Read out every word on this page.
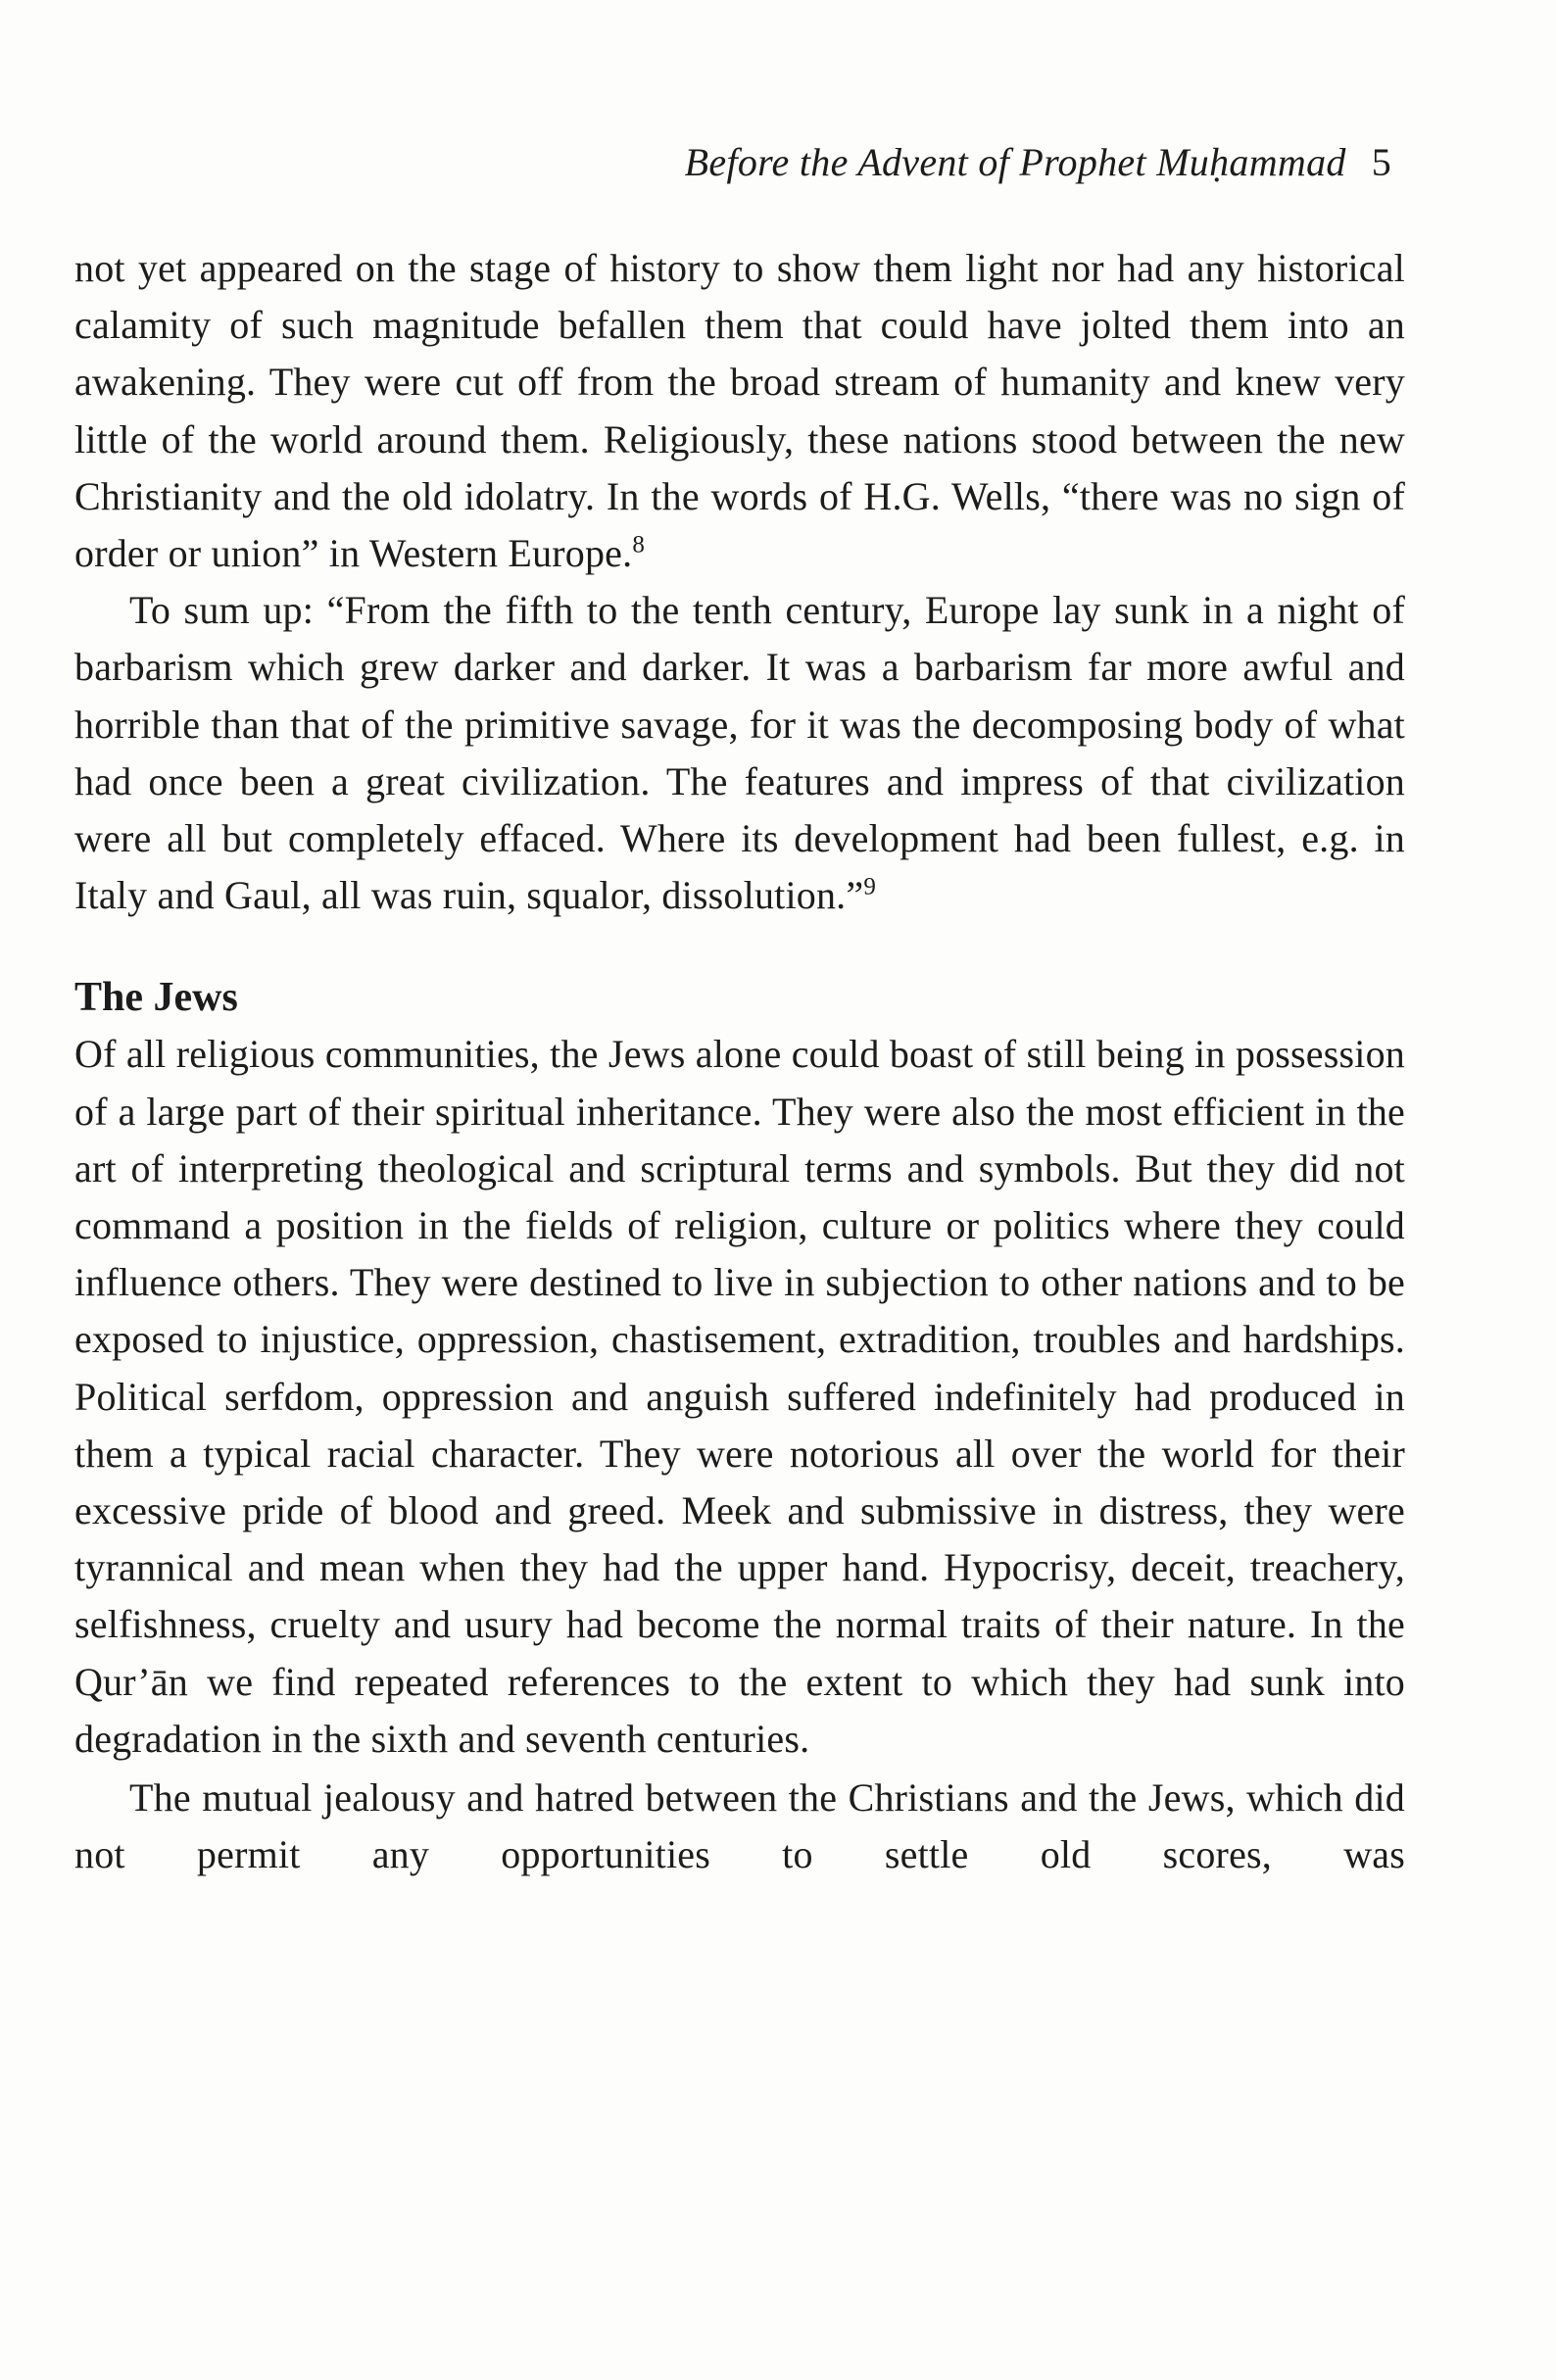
Before the Advent of Prophet Muḥammad 5

not yet appeared on the stage of history to show them light nor had any historical calamity of such magnitude befallen them that could have jolted them into an awakening. They were cut off from the broad stream of humanity and knew very little of the world around them. Religiously, these nations stood between the new Christianity and the old idolatry. In the words of H.G. Wells, “there was no sign of order or union” in Western Europe.$^8$

To sum up: “From the fifth to the tenth century, Europe lay sunk in a night of barbarism which grew darker and darker. It was a barbarism far more awful and horrible than that of the primitive savage, for it was the decomposing body of what had once been a great civilization. The features and impress of that civilization were all but completely effaced. Where its development had been fullest, e.g. in Italy and Gaul, all was ruin, squalor, dissolution.”$^9$

The Jews

Of all religious communities, the Jews alone could boast of still being in possession of a large part of their spiritual inheritance. They were also the most efficient in the art of interpreting theological and scriptural terms and symbols. But they did not command a position in the fields of religion, culture or politics where they could influence others. They were destined to live in subjection to other nations and to be exposed to injustice, oppression, chastisement, extradition, troubles and hardships. Political serfdom, oppression and anguish suffered indefinitely had produced in them a typical racial character. They were notorious all over the world for their excessive pride of blood and greed. Meek and submissive in distress, they were tyrannical and mean when they had the upper hand. Hypocrisy, deceit, treachery, selfishness, cruelty and usury had become the normal traits of their nature. In the Qur’ān we find repeated references to the extent to which they had sunk into degradation in the sixth and seventh centuries.

The mutual jealousy and hatred between the Christians and the Jews, which did not permit any opportunities to settle old scores, was
